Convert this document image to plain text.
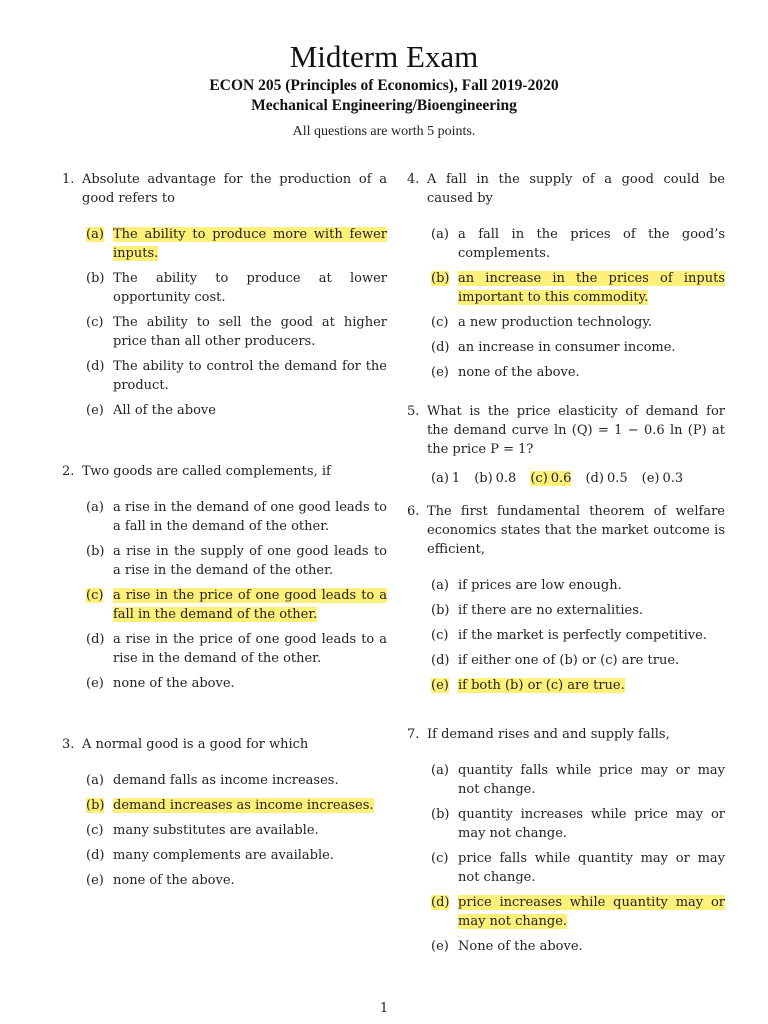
Midterm Exam
ECON 205 (Principles of Economics), Fall 2019-2020
Mechanical Engineering/Bioengineering
All questions are worth 5 points.
1. Absolute advantage for the production of a good refers to
(a) The ability to produce more with fewer inputs.
(b) The ability to produce at lower opportunity cost.
(c) The ability to sell the good at higher price than all other producers.
(d) The ability to control the demand for the product.
(e) All of the above
2. Two goods are called complements, if
(a) a rise in the demand of one good leads to a fall in the demand of the other.
(b) a rise in the supply of one good leads to a rise in the demand of the other.
(c) a rise in the price of one good leads to a fall in the demand of the other.
(d) a rise in the price of one good leads to a rise in the demand of the other.
(e) none of the above.
3. A normal good is a good for which
(a) demand falls as income increases.
(b) demand increases as income increases.
(c) many substitutes are available.
(d) many complements are available.
(e) none of the above.
4. A fall in the supply of a good could be caused by
(a) a fall in the prices of the good’s complements.
(b) an increase in the prices of inputs important to this commodity.
(c) a new production technology.
(d) an increase in consumer income.
(e) none of the above.
5. What is the price elasticity of demand for the demand curve ln (Q) = 1 − 0.6 ln (P) at the price P = 1?
(a) 1 (b) 0.8 (c) 0.6 (d) 0.5 (e) 0.3
6. The first fundamental theorem of welfare economics states that the market outcome is efficient,
(a) if prices are low enough.
(b) if there are no externalities.
(c) if the market is perfectly competitive.
(d) if either one of (b) or (c) are true.
(e) if both (b) or (c) are true.
7. If demand rises and and supply falls,
(a) quantity falls while price may or may not change.
(b) quantity increases while price may or may not change.
(c) price falls while quantity may or may not change.
(d) price increases while quantity may or may not change.
(e) None of the above.
1
